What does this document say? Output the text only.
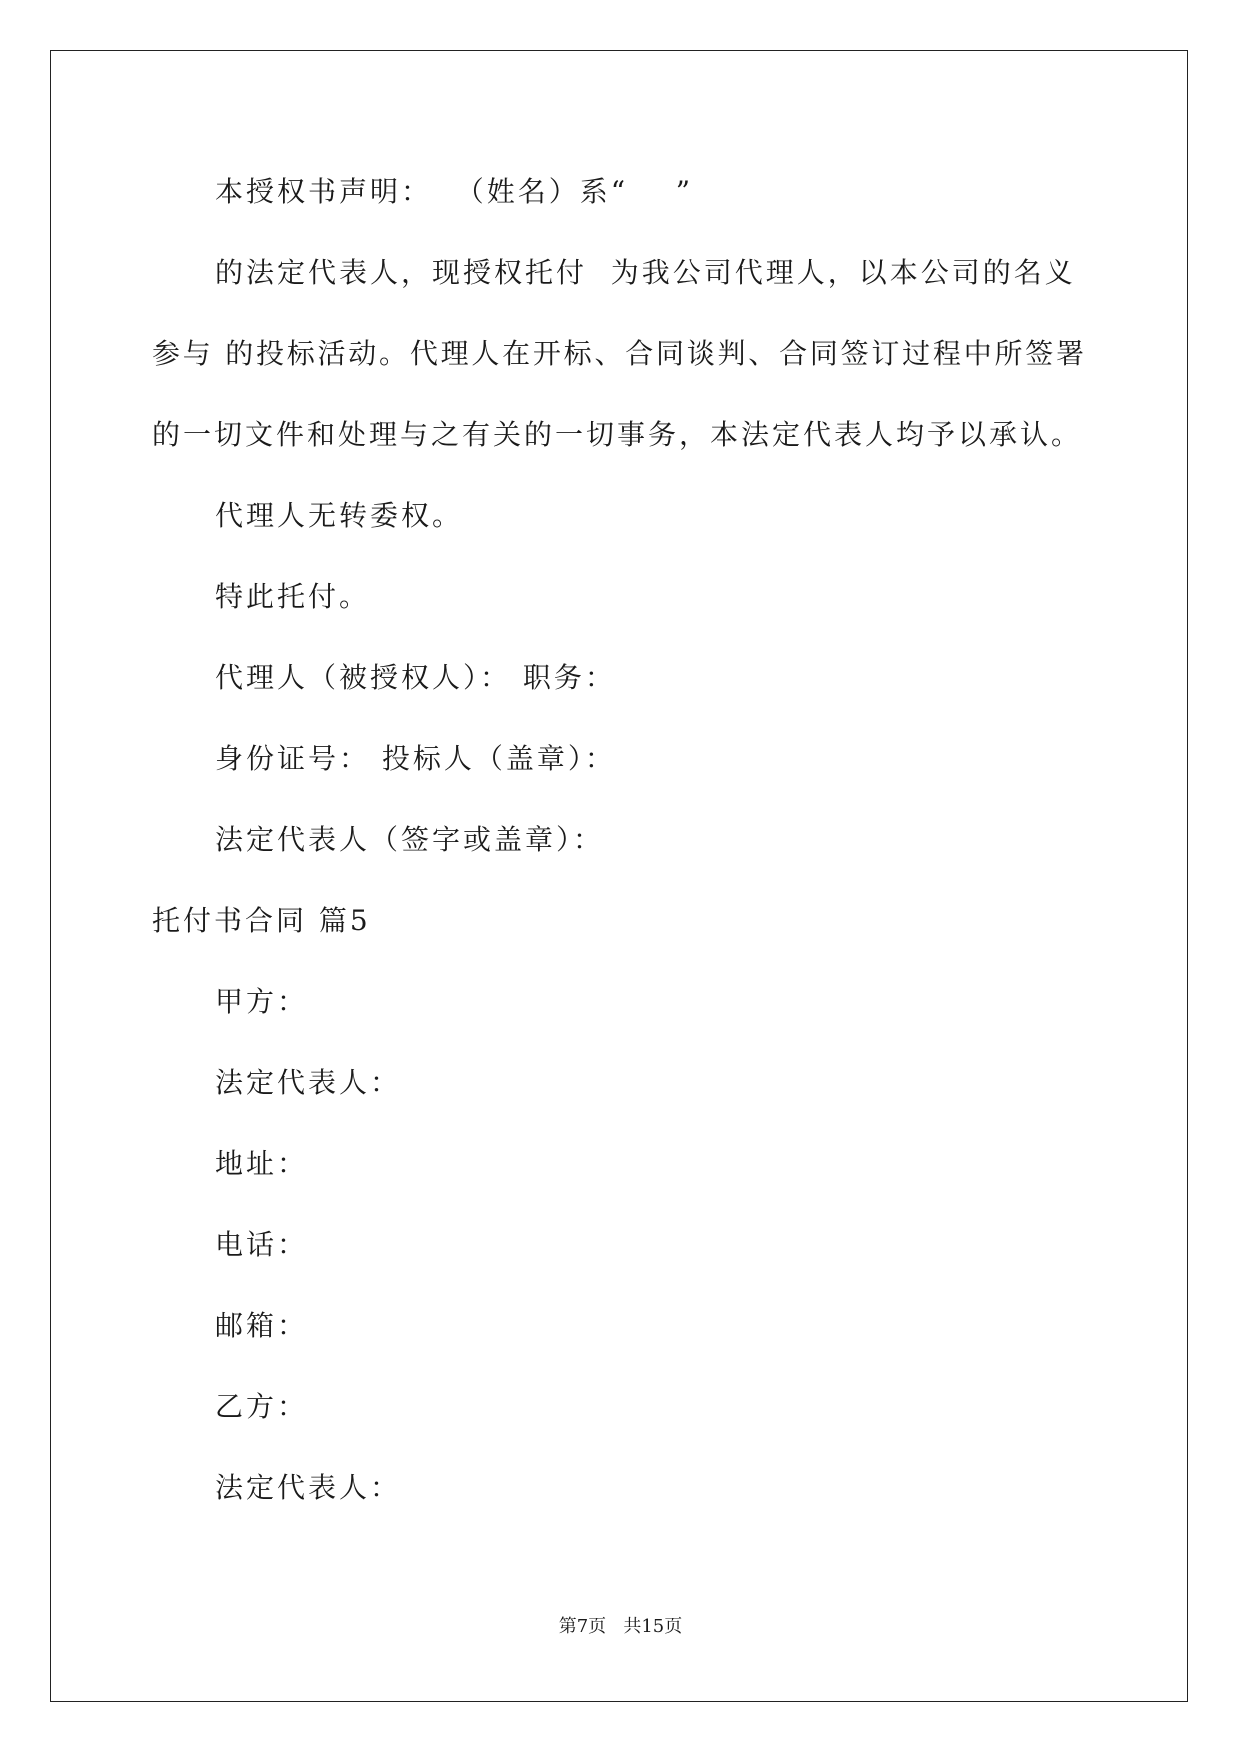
本授权书声明：  （姓名）系“    ”
的法定代表人，现授权托付  为我公司代理人，以本公司的名义
参与 的投标活动。代理人在开标、合同谈判、合同签订过程中所签署
的一切文件和处理与之有关的一切事务，本法定代表人均予以承认。
代理人无转委权。
特此托付。
代理人（被授权人）： 职务：
身份证号： 投标人（盖章）：
法定代表人（签字或盖章）：
托付书合同 篇5
甲方：
法定代表人：
地址：
电话：
邮箱：
乙方：
法定代表人：
第7页 共15页
